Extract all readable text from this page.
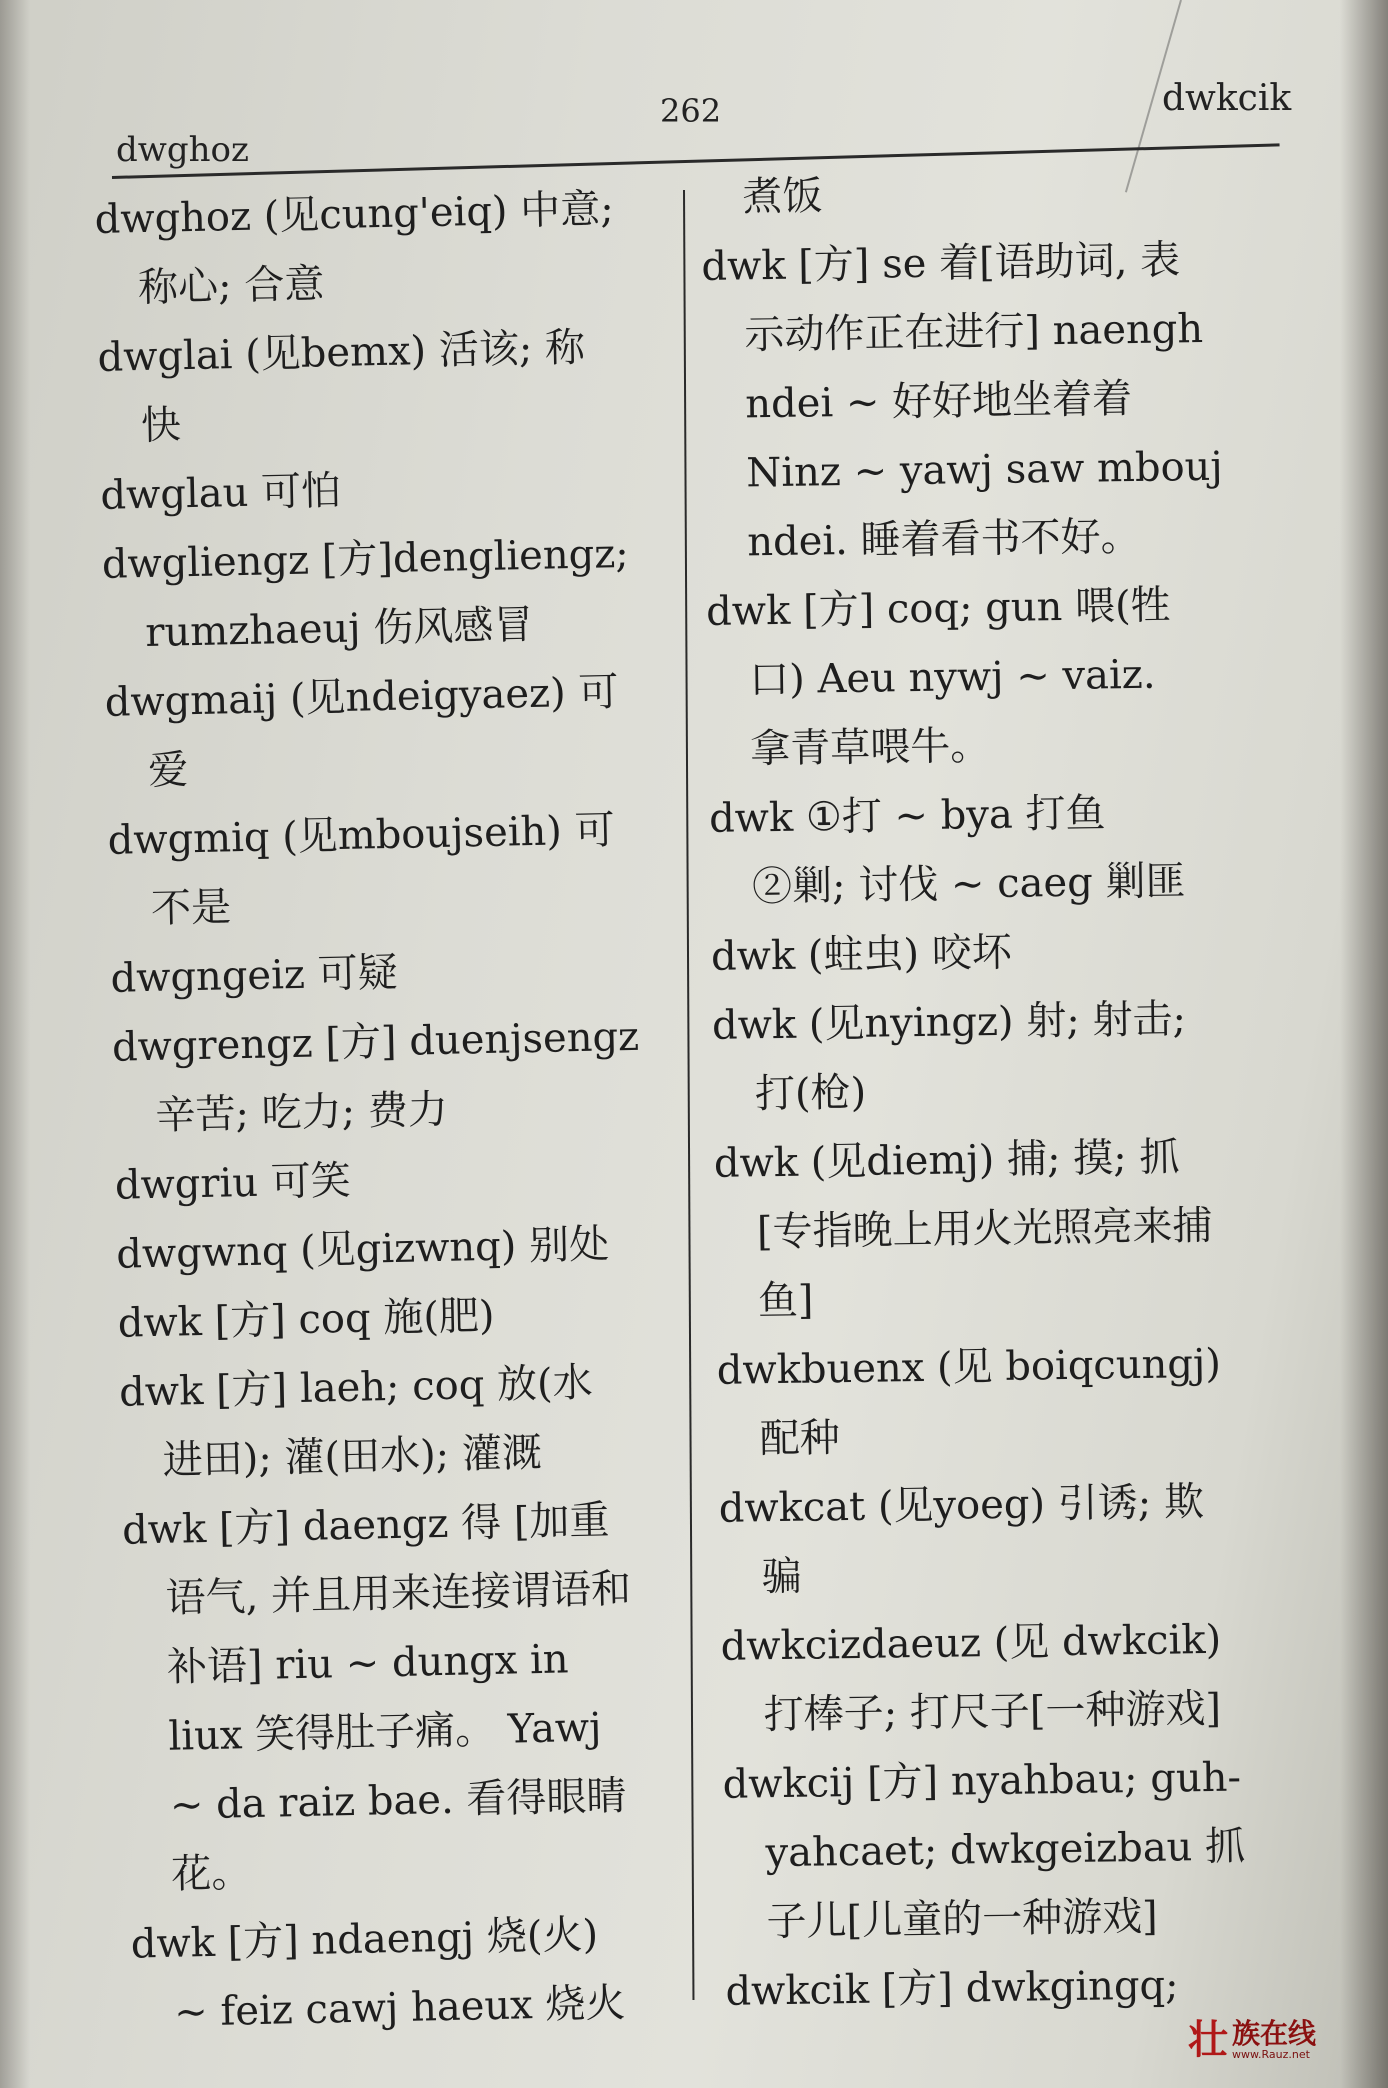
dwghoz
262	dwkcik
dwghoz (见cung'eiq) 中意;
称心; 合意
dwglai (见bemx) 活该; 称
快
dwglau 可怕
dwgliengz [方]dengliengz;
rumzhaeuj 伤风感冒
dwgmaij (见ndeigyaez) 可
爱
dwgmiq (见mboujseih) 可
不是
dwgngeiz 可疑
dwgrengz [方] duenjsengz
辛苦; 吃力; 费力
dwgriu 可笑
dwgwnq (见gizwnq) 别处
dwk [方] coq 施(肥)
dwk [方] laeh; coq 放(水
进田); 灌(田水); 灌溉
dwk [方] daengz 得 [加重
语气, 并且用来连接谓语和
补语] riu ~ dungx in
liux 笑得肚子痛。 Yawj
~ da raiz bae. 看得眼睛
花。
dwk [方] ndaengj 烧(火)
~ feiz cawj haeux 烧火
煮饭
dwk [方] se 着[语助词, 表
示动作正在进行] naengh
ndei ~ 好好地坐着着
Ninz ~ yawj saw mbouj
ndei. 睡着看书不好。
dwk [方] coq; gun 喂(牲
口) Aeu nywj ~ vaiz.
拿青草喂牛。
dwk ①打 ~ bya 打鱼
②剿; 讨伐 ~ caeg 剿匪
dwk (蛀虫) 咬坏
dwk (见nyingz) 射; 射击;
打(枪)
dwk (见diemj) 捕; 摸; 抓
[专指晚上用火光照亮来捕
鱼]
dwkbuenx (见 boiqcungj)
配种
dwkcat (见yoeg) 引诱; 欺
骗
dwkcizdaeuz (见 dwkcik)
打棒子; 打尺子[一种游戏]
dwkcij [方] nyahbau; guh-
yahcaet; dwkgeizbau 抓
子儿[儿童的一种游戏]
dwkcik [方] dwkgingq;
壮 族在线
www.Rauz.net
